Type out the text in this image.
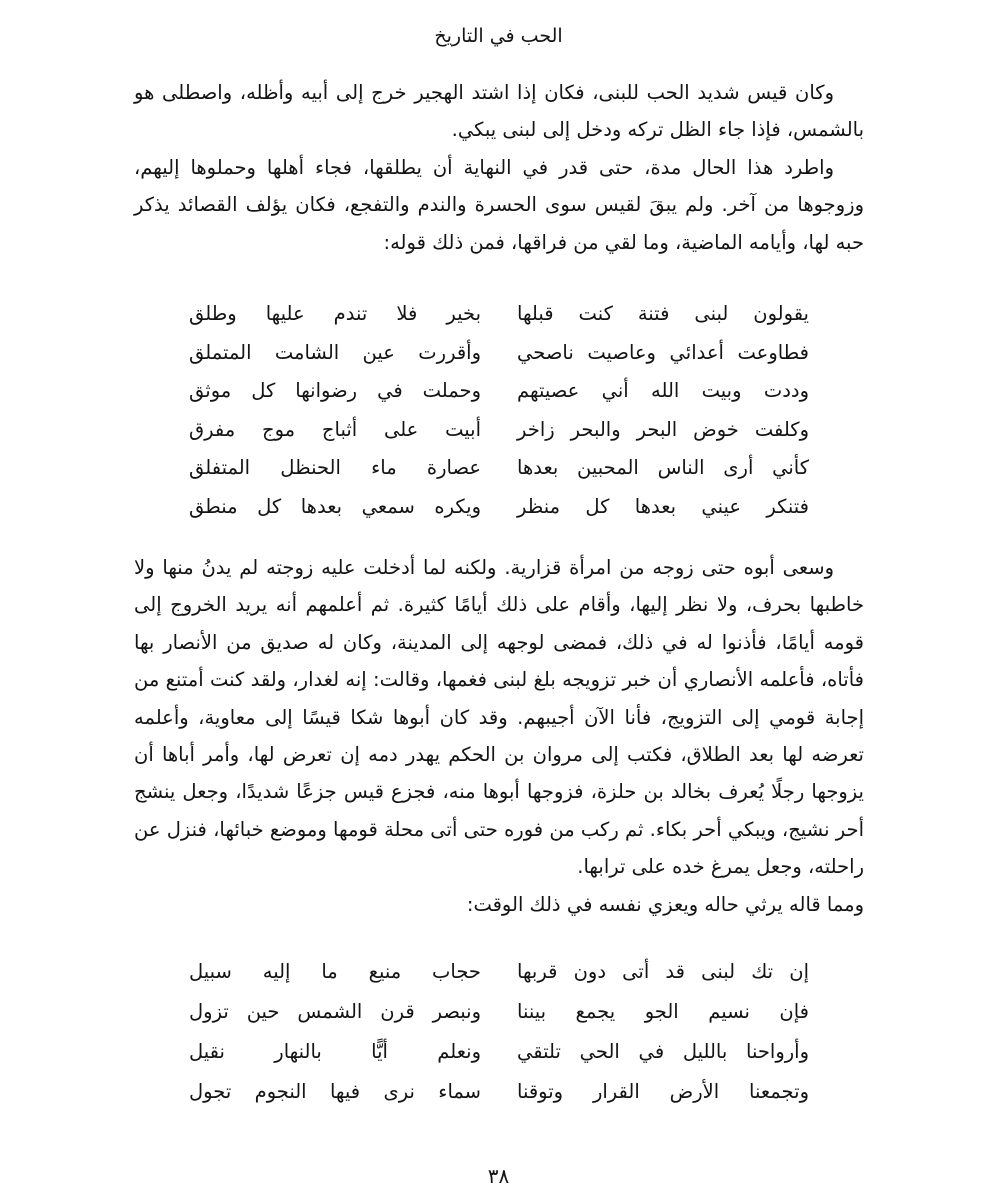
الحب في التاريخ

وكان قيس شديد الحب للبنى، فكان إذا اشتد الهجير خرج إلى أبيه وأظله، واصطلى هو بالشمس، فإذا جاء الظل تركه ودخل إلى لبنى يبكي.

واطرد هذا الحال مدة، حتى قدر في النهاية أن يطلقها، فجاء أهلها وحملوها إليهم، وزوجوها من آخر. ولم يبقَ لقيس سوى الحسرة والندم والتفجع، فكان يؤلف القصائد يذكر حبه لها، وأيامه الماضية، وما لقي من فراقها، فمن ذلك قوله:

يقولون لبنى فتنة كنت قبلها
بخير فلا تندم عليها وطلق
فطاوعت أعدائي وعاصيت ناصحي
وأقررت عين الشامت المتملق
وددت وبيت الله أني عصيتهم
وحملت في رضوانها كل موثق
وكلفت خوض البحر والبحر زاخر
أبيت على أثباج موج مفرق
كأني أرى الناس المحبين بعدها
عصارة ماء الحنظل المتفلق
فتنكر عيني بعدها كل منظر
ويكره سمعي بعدها كل منطق

وسعى أبوه حتى زوجه من امرأة قزارية. ولكنه لما أدخلت عليه زوجته لم يدنُ منها ولا خاطبها بحرف، ولا نظر إليها، وأقام على ذلك أيامًا كثيرة. ثم أعلمهم أنه يريد الخروج إلى قومه أيامًا، فأذنوا له في ذلك، فمضى لوجهه إلى المدينة، وكان له صديق من الأنصار بها فأتاه، فأعلمه الأنصاري أن خبر تزويجه بلغ لبنى فغمها، وقالت: إنه لغدار، ولقد كنت أمتنع من إجابة قومي إلى التزويج، فأنا الآن أجيبهم. وقد كان أبوها شكا قيسًا إلى معاوية، وأعلمه تعرضه لها بعد الطلاق، فكتب إلى مروان بن الحكم يهدر دمه إن تعرض لها، وأمر أباها أن يزوجها رجلًا يُعرف بخالد بن حلزة، فزوجها أبوها منه، فجزع قيس جزعًا شديدًا، وجعل ينشج أحر نشيج، ويبكي أحر بكاء. ثم ركب من فوره حتى أتى محلة قومها وموضع خبائها، فنزل عن راحلته، وجعل يمرغ خده على ترابها.

ومما قاله يرثي حاله ويعزي نفسه في ذلك الوقت:

إن تك لبنى قد أتى دون قربها
حجاب منيع ما إليه سبيل
فإن نسيم الجو يجمع بيننا
ونبصر قرن الشمس حين تزول
وأرواحنا بالليل في الحي تلتقي
ونعلم أيًّا بالنهار نقيل
وتجمعنا الأرض القرار وتوقنا
سماء نرى فيها النجوم تجول
٣٨
